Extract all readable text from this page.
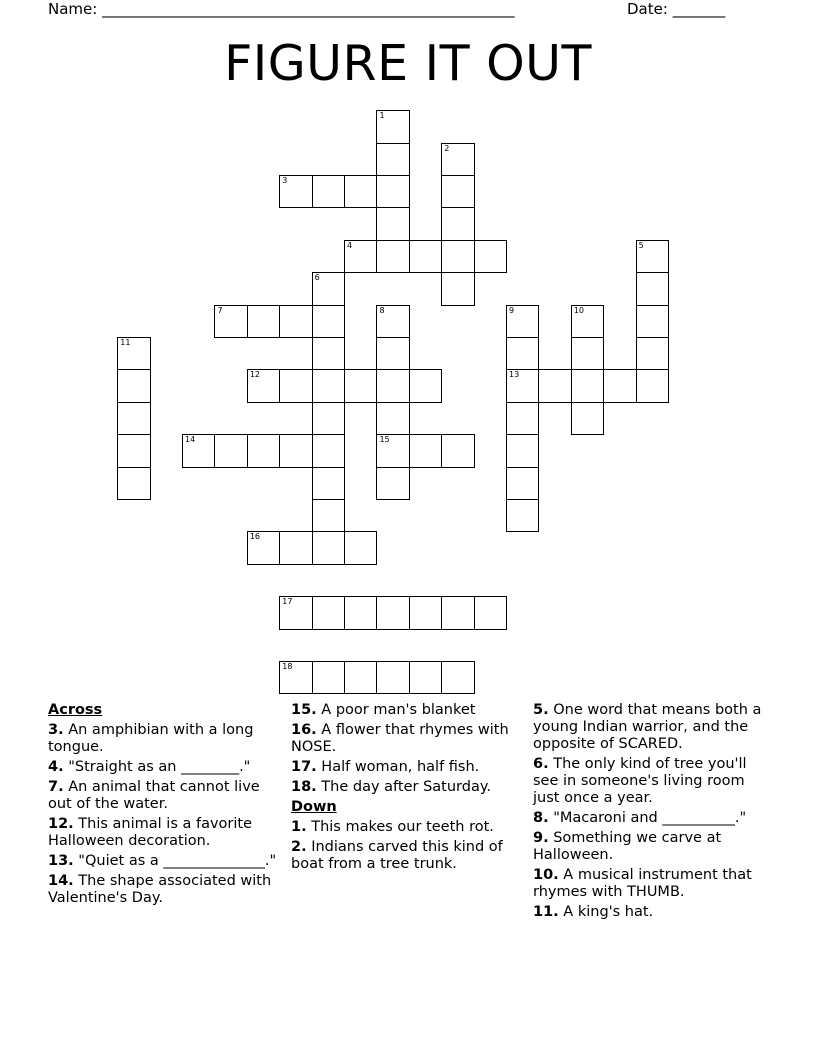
Name: _______________________________________________________	Date: _______
FIGURE IT OUT
1
2
3
4	5
6
7	8
15
9
13
10
11
12
14
16
17
18
Across
3. An amphibian with a long tongue.
4. "Straight as an ________."
7. An animal that cannot live out of the water.
12. This animal is a favorite Halloween decoration.
13. "Quiet as a ______________."
14. The shape associated with Valentine's Day.
15. A poor man's blanket
16. A flower that rhymes with NOSE.
17. Half woman, half fish.
18. The day after Saturday.
Down
1. This makes our teeth rot.
2. Indians carved this kind of boat from a tree trunk.
5. One word that means both a young Indian warrior, and the opposite of SCARED.
6. The only kind of tree you'll see in someone's living room just once a year.
8. "Macaroni and __________."
9. Something we carve at Halloween.
10. A musical instrument that rhymes with THUMB.
11. A king's hat.
